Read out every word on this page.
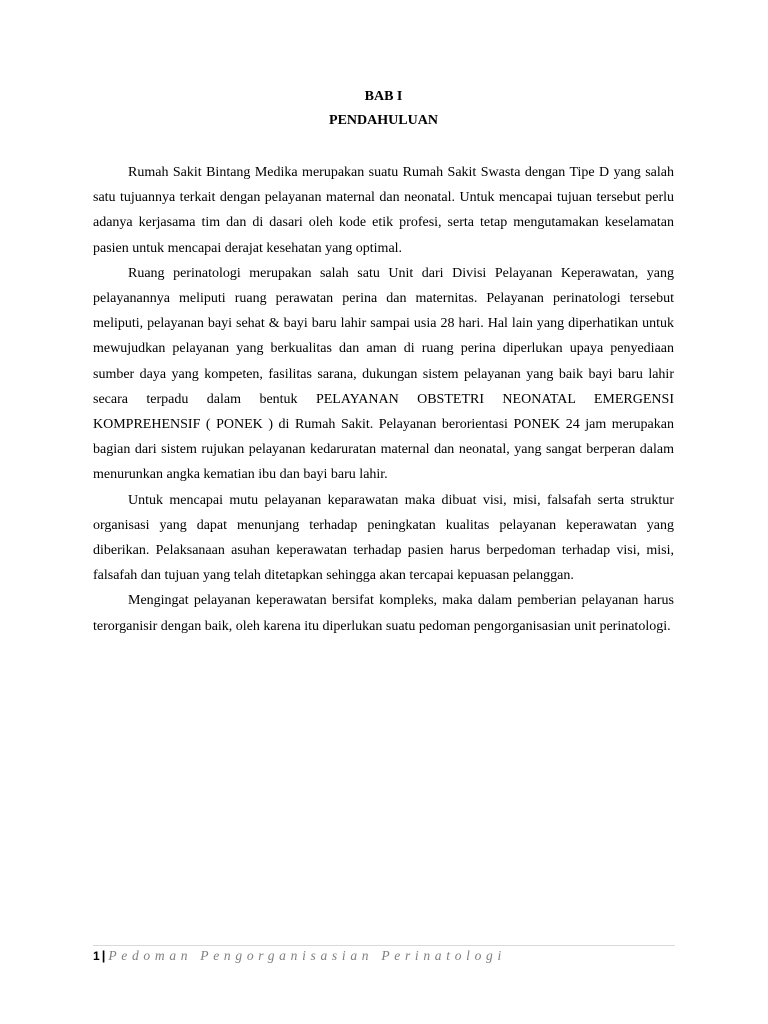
BAB I
PENDAHULUAN

Rumah Sakit Bintang Medika merupakan suatu Rumah Sakit Swasta dengan Tipe D yang salah satu tujuannya terkait dengan pelayanan maternal dan neonatal. Untuk mencapai tujuan tersebut perlu adanya kerjasama tim dan di dasari oleh kode etik profesi, serta tetap mengutamakan keselamatan pasien untuk mencapai derajat kesehatan yang optimal.

Ruang perinatologi merupakan salah satu Unit dari Divisi Pelayanan Keperawatan, yang pelayanannya meliputi ruang perawatan perina dan maternitas. Pelayanan perinatologi tersebut meliputi, pelayanan bayi sehat & bayi baru lahir sampai usia 28 hari. Hal lain yang diperhatikan untuk mewujudkan pelayanan yang berkualitas dan aman di ruang perina diperlukan upaya penyediaan sumber daya yang kompeten, fasilitas sarana, dukungan sistem pelayanan yang baik bayi baru lahir secara terpadu dalam bentuk PELAYANAN OBSTETRI NEONATAL EMERGENSI KOMPREHENSIF ( PONEK ) di Rumah Sakit. Pelayanan berorientasi PONEK 24 jam merupakan bagian dari sistem rujukan pelayanan kedaruratan maternal dan neonatal, yang sangat berperan dalam menurunkan angka kematian ibu dan bayi baru lahir.

Untuk mencapai mutu pelayanan keparawatan maka dibuat visi, misi, falsafah serta struktur organisasi yang dapat menunjang terhadap peningkatan kualitas pelayanan keperawatan yang diberikan. Pelaksanaan asuhan keperawatan terhadap pasien harus berpedoman terhadap visi, misi, falsafah dan tujuan yang telah ditetapkan sehingga akan tercapai kepuasan pelanggan.

Mengingat pelayanan keperawatan bersifat kompleks, maka dalam pemberian pelayanan harus terorganisir dengan baik, oleh karena itu diperlukan suatu pedoman pengorganisasian unit perinatologi.

1 | Pedoman Pengorganisasian Perinatologi
